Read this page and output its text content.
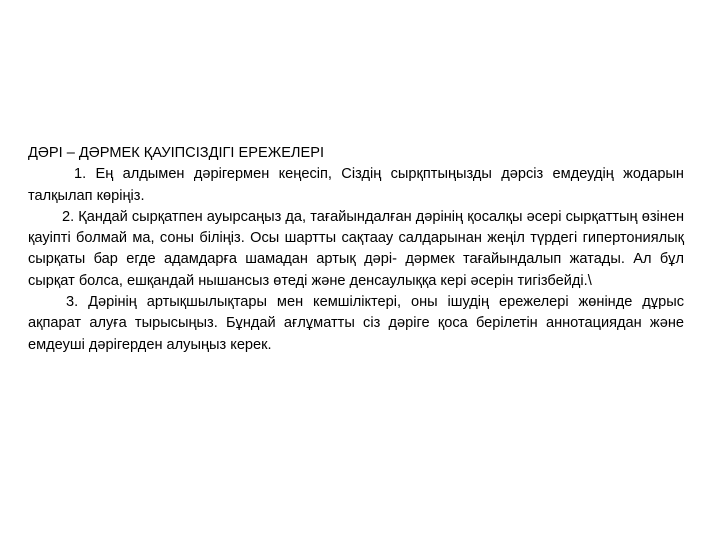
ДӘРІ – ДӘРМЕК ҚАУІПСІЗДІГІ ЕРЕЖЕЛЕРІ

1. Ең алдымен дәрігермен кеңесіп, Сіздің сырқптыңызды дәрсіз емдеудің жодарын талқылап көріңіз.

2. Қандай сырқатпен ауырсаңыз да, тағайындалған дәрінің қосалқы әсері сырқаттың өзінен қауіпті болмай ма, соны біліңіз. Осы шартты сақтаау салдарынан жеңіл түрдегі гипертониялық сырқаты бар егде адамдарға шамадан артық дәрі- дәрмек тағайындалып жатады. Ал бұл сырқат болса, ешқандай нышансыз өтеді және денсаулыққа кері әсерін тигізбейді.\

3. Дәрінің артықшылықтары мен кемшіліктері, оны ішудің ережелері жөнінде дұрыс ақпарат алуға тырысыңыз. Бұндай ағлұматты сіз дәріге қоса берілетін аннотациядан және емдеуші дәрігерден алуыңыз керек.
